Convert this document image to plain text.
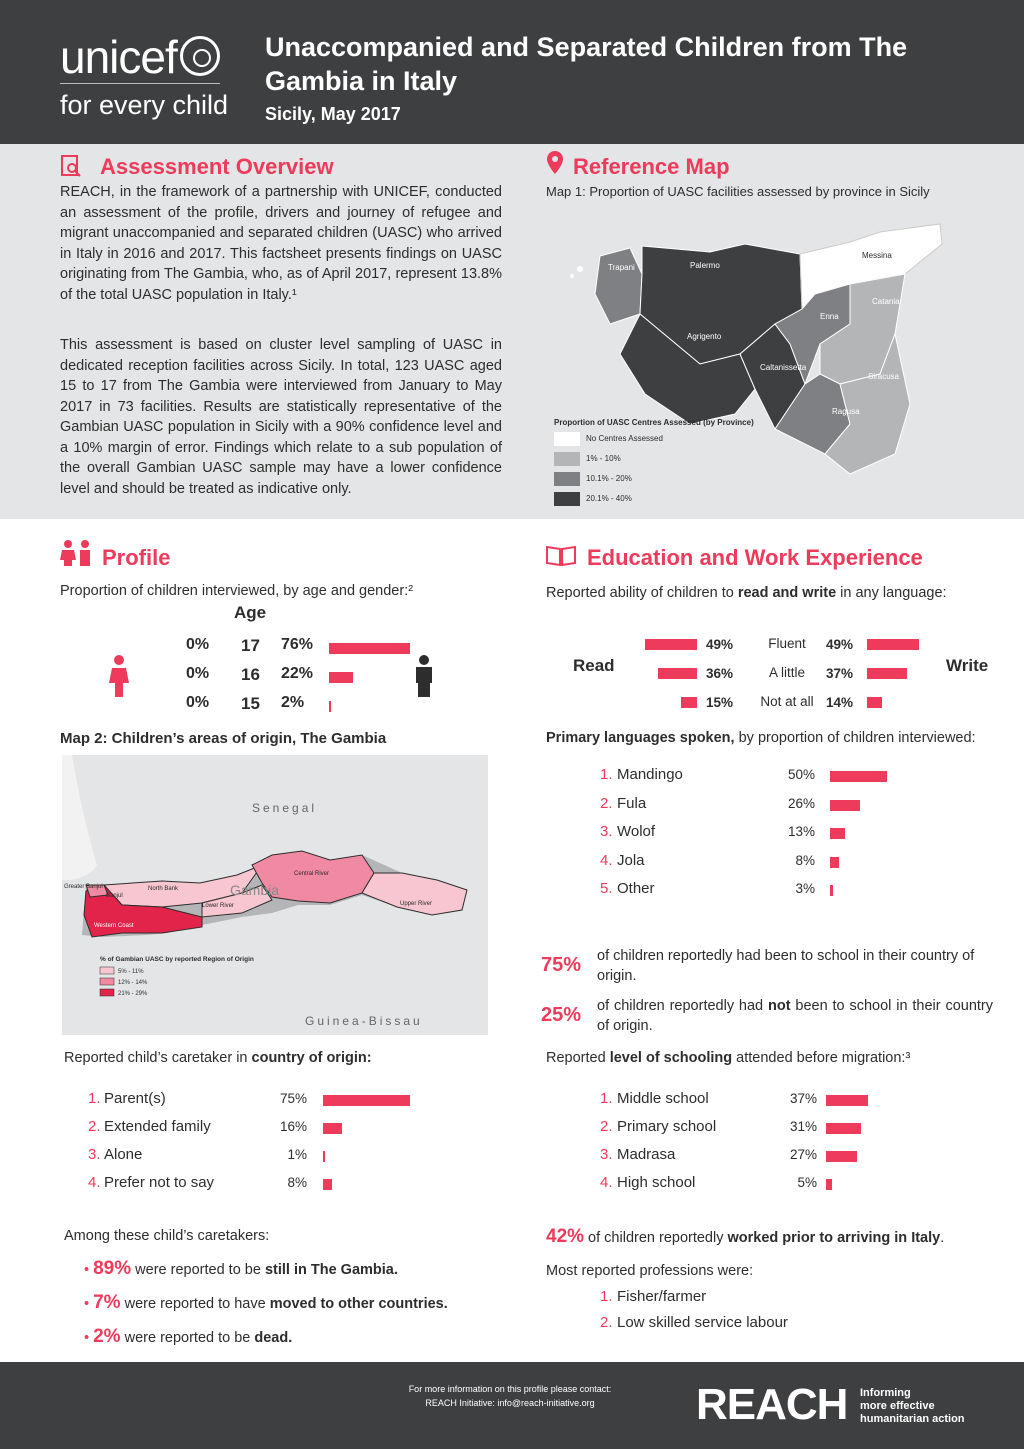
unicef
for every child
Unaccompanied and Separated Children from The Gambia in Italy
Sicily, May 2017
Assessment Overview
REACH, in the framework of a partnership with UNICEF, conducted an assessment of the profile, drivers and journey of refugee and migrant unaccompanied and separated children (UASC) who arrived in Italy in 2016 and 2017. This factsheet presents findings on UASC originating from The Gambia, who, as of April 2017, represent 13.8% of the total UASC population in Italy.¹
This assessment is based on cluster level sampling of UASC in dedicated reception facilities across Sicily. In total, 123 UASC aged 15 to 17 from The Gambia were interviewed from January to May 2017 in 73 facilities. Results are statistically representative of the Gambian UASC population in Sicily with a 90% confidence level and a 10% margin of error. Findings which relate to a sub population of the overall Gambian UASC sample may have a lower confidence level and should be treated as indicative only.
Reference Map
Map 1: Proportion of UASC facilities assessed by province in Sicily
Trapani	Palermo
Messina
Agrigento
Caltanissetta
Enna
Catania
Ragusa
Siracusa
Proportion of UASC Centres Assessed (by Province)
No Centres Assessed
1% - 10%
10.1% - 20%
20.1% - 40%
Profile
Proportion of children interviewed, by age and gender:²
Age
0% 17 76%
0% 16 22%
0% 15 2%
Map 2: Children’s areas of origin, The Gambia
Senegal
Guinea-Bissau
Gambia
Greater Banjul
Banjul
North Bank
Lower River
Central River
Upper River
Western Coast
% of Gambian UASC by reported Region of Origin
5% - 11%
12% - 14%
21% - 29%
Reported child’s caretaker in country of origin:
1. Parent(s)	75%
2. Extended family	16%
3. Alone	1%
4. Prefer not to say	8%
Among these child’s caretakers:
• 89% were reported to be still in The Gambia.
• 7% were reported to have moved to other countries.
• 2% were reported to be dead.
Education and Work Experience
Reported ability of children to read and write in any language:
Read	Write
49%	Fluent	49%
36%	A little	37%
15% Not at all 14%
Primary languages spoken, by proportion of children interviewed:
1. Mandingo	50%
2. Fula	26%
3. Wolof	13%
4. Jola	8%
5. Other	3%
75% of children reportedly had been to school in their country of origin.
25% of children reportedly had not been to school in their country of origin.
Reported level of schooling attended before migration:³
1. Middle school	37%
2. Primary school	31%
3. Madrasa	27%
4. High school	5%
42% of children reportedly worked prior to arriving in Italy.
Most reported professions were:
1. Fisher/farmer
2. Low skilled service labour
For more information on this profile please contact:
REACH Initiative: info@reach-initiative.org	REACH Informing
more effective
humanitarian action
